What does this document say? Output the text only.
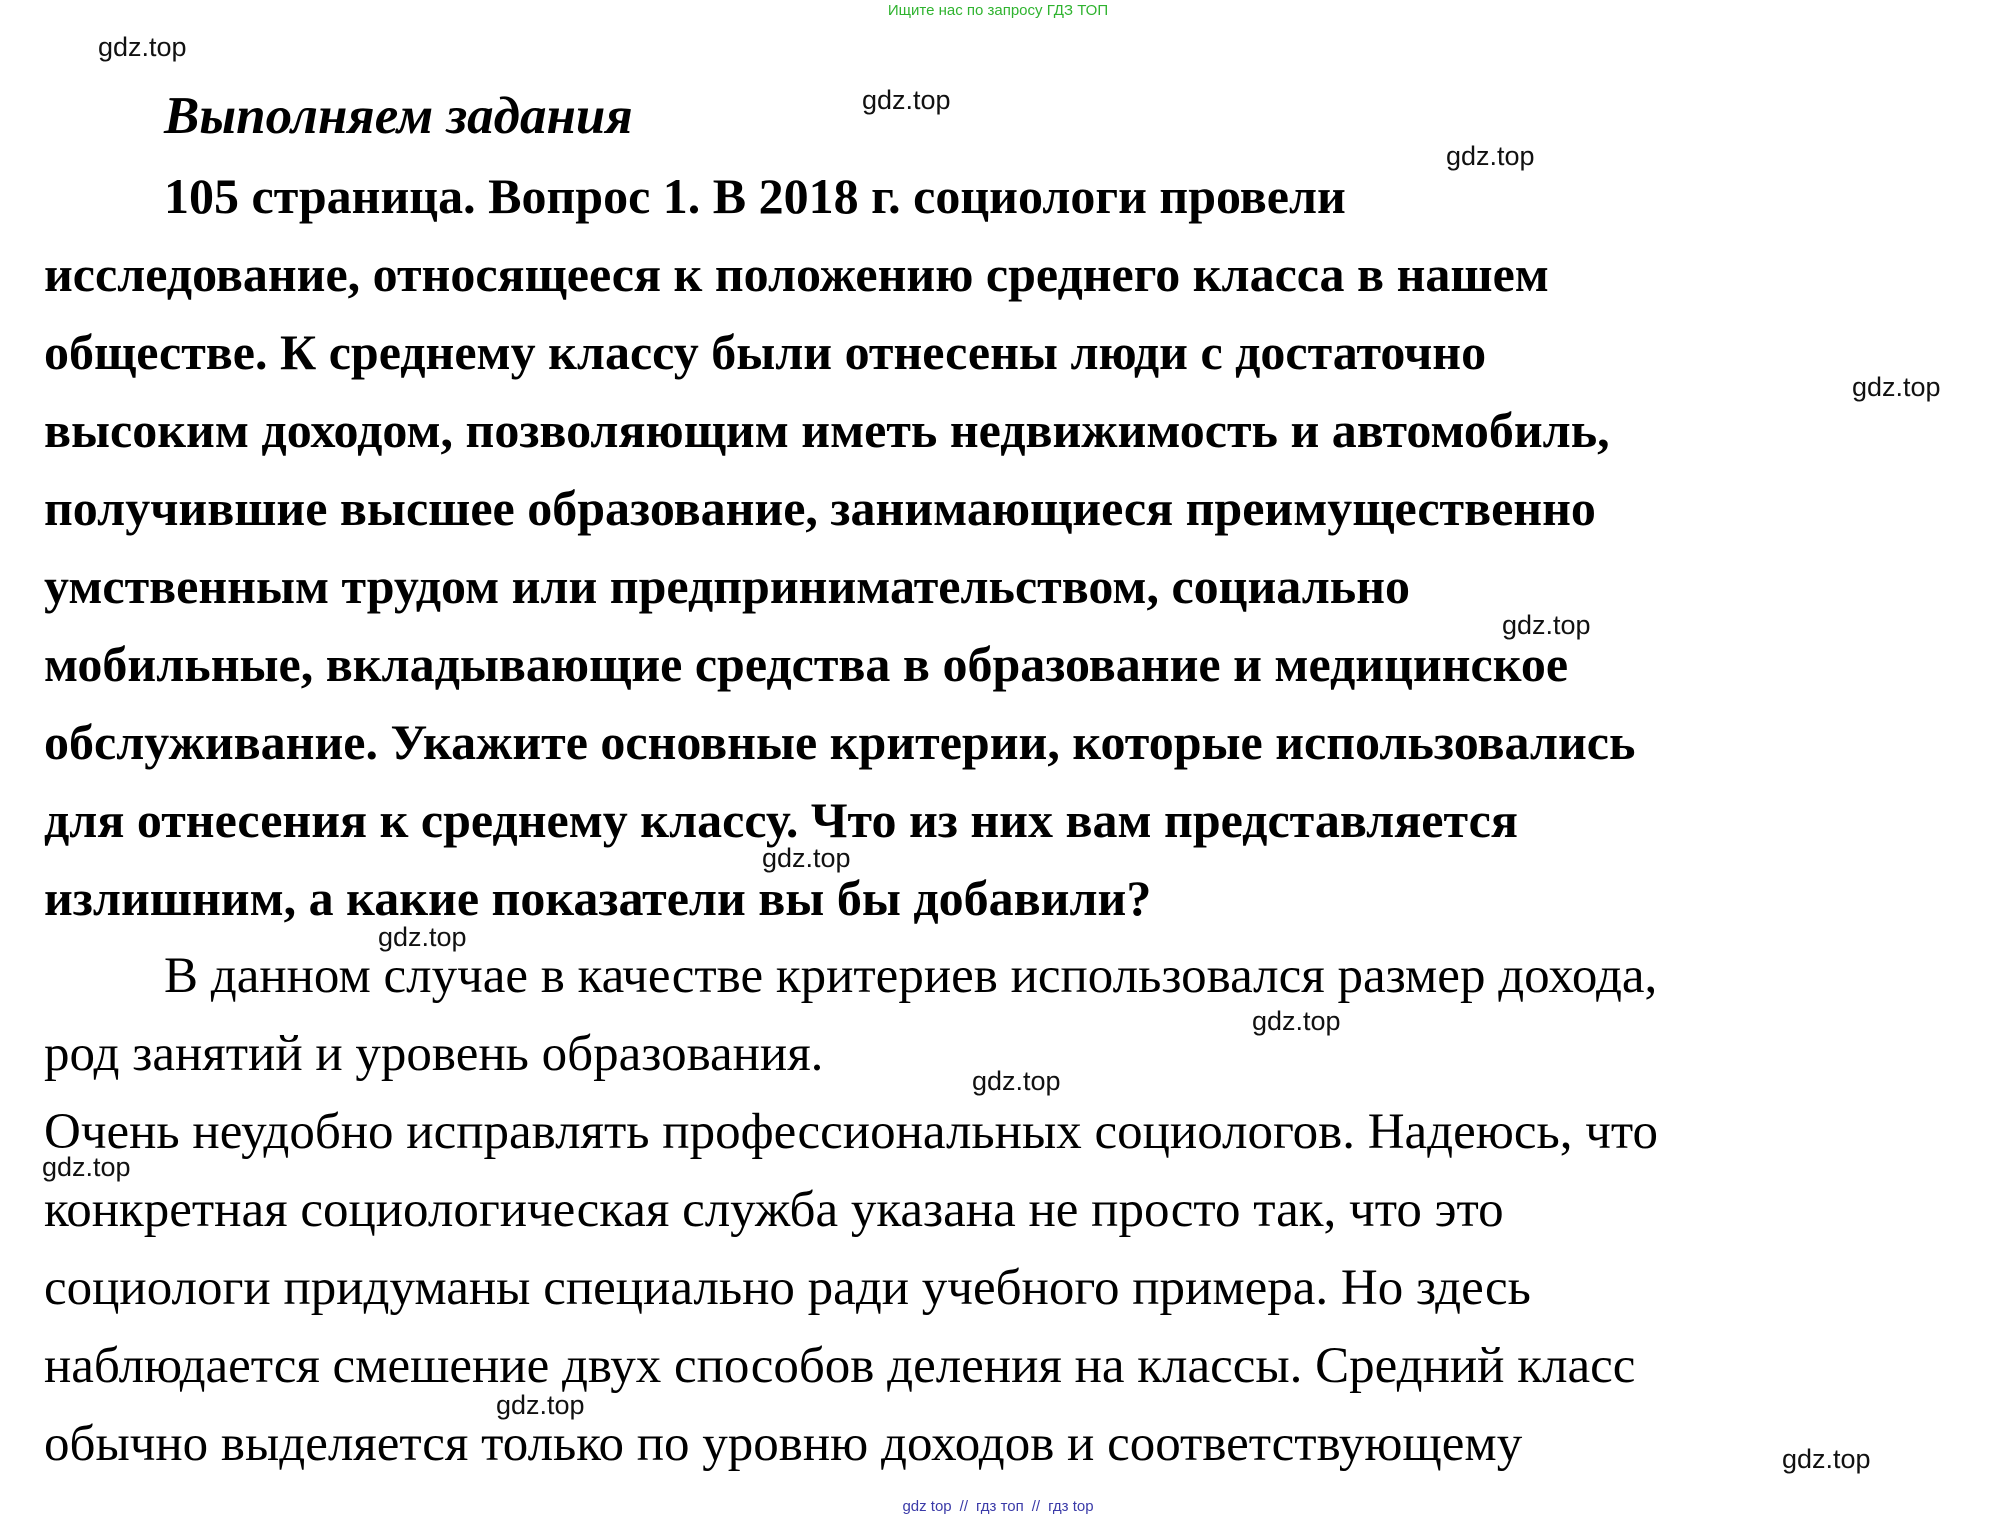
Ищите нас по запросу ГДЗ ТОП
gdz.top
Выполняем задания	gdz.top
gdz.top
105 страница. Вопрос 1. В 2018 г. социологи провели
исследование, относящееся к положению среднего класса в нашем
обществе. К среднему классу были отнесены люди с достаточно
высоким доходом, позволяющим иметь недвижимость и автомобиль,
получившие высшее образование, занимающиеся преимущественно
умственным трудом или предпринимательством, социально
мобильные, вкладывающие средства в образование и медицинское
обслуживание. Укажите основные критерии, которые использовались
для отнесения к среднему классу. Что из них вам представляется
излишним, а какие показатели вы бы добавили?
gdz.top
gdz.top
gdz.top
gdz.top
В данном случае в качестве критериев использовался размер дохода,
род занятий и уровень образования.
Очень неудобно исправлять профессиональных социологов. Надеюсь, что
конкретная социологическая служба указана не просто так, что это
социологи придуманы специально ради учебного примера. Но здесь
наблюдается смешение двух способов деления на классы. Средний класс
обычно выделяется только по уровню доходов и соответствующему
gdz.top
gdz.top
gdz.top
gdz.top
gdz.top
gdz top // гдз топ // гдз top
